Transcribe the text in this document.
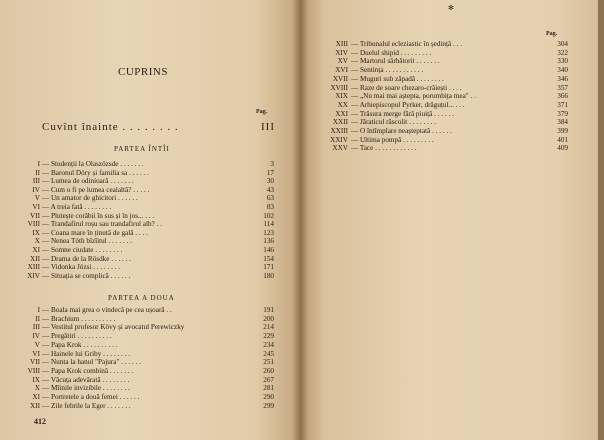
CUPRINS
Pag.
Cuvînt înainte . . . . . . . .	III
PARTEA ÎNTÎI
I — Studenții la Olaszözsde . . . . . . .	3
II — Baronul Döry și familia sa . . . . . .	17
III — Lumea de odinioară . . . . . . .	30
IV — Cum o fi pe lumea cealaltă? . . . . .	43
V — Un amator de ghicitori . . . . . .	63
VI — A treia fată . . . . . . . .	83
VII — Plutește corăbii în sus și în jos... . . .	102
VIII — Trandafirul roșu sau trandafirul alb? . .	114
IX — Coana mare în ținută de gală . . . .	123
X — Nenea Tóth bîzîitul . . . . . . .	136
XI — Somne ciudate . . . . . . . .	146
XII — Drama de la Rösdke . . . . . .	154
XIII — Vidonka Józsi . . . . . . . .	171
XIV — Situația se complică . . . . . .	180
PARTEA A DOUA
I — Boala mai grea o vindecă pe cea ușoară . .	191
II — Brachium . . . . . . . . . .	200
III — Vestitul profesor Kövy și avocatul Perewiczky	214
IV — Pregătiri . . . . . . . . . .	229
V — Papa Krok . . . . . . . . . .	234
VI — Hainele lui Griby . . . . . . . .	245
VII — Nunta la hanul "Pajura" . . . . . .	251
VIII — Papa Krok combină . . . . . . .	260
IX — Văcuța adevărată . . . . . . . .	267
X — Mîinile invizibile . . . . . . . .	281
XI — Portretele a două femei . . . . . .	290
XII — Zile febrile la Eger . . . . . . .	299
412
Pag.
XIII — Tribunalul ecleziastic în ședință . . .	304
XIV — Duelul shipid . . . . . . . . .	322
XV — Martorul sărbătorit . . . . . . .	330
XVI — Sentința . . . . . . . . . . .	340
XVII — Muguri sub zăpadă . . . . . . . .	346
XVIII — Raze de soare chezaro-crăiești . . . .	357
XIX — „Nu mai mai aștepta, porumbița mea" . .	366
XX — Arhiepiscopul Pyrker, drăguțul... . . .	371
XXI — Trăsura merge fără piuiță . . . . . .	379
XXII — Jăraticul răscolit . . . . . . . .	384
XXIII — O întîmplare neașteptată . . . . . .	399
XXIV — Ultima pompă . . . . . . . . .	401
XXV — Tace . . . . . . . . . . . .	409
✻
